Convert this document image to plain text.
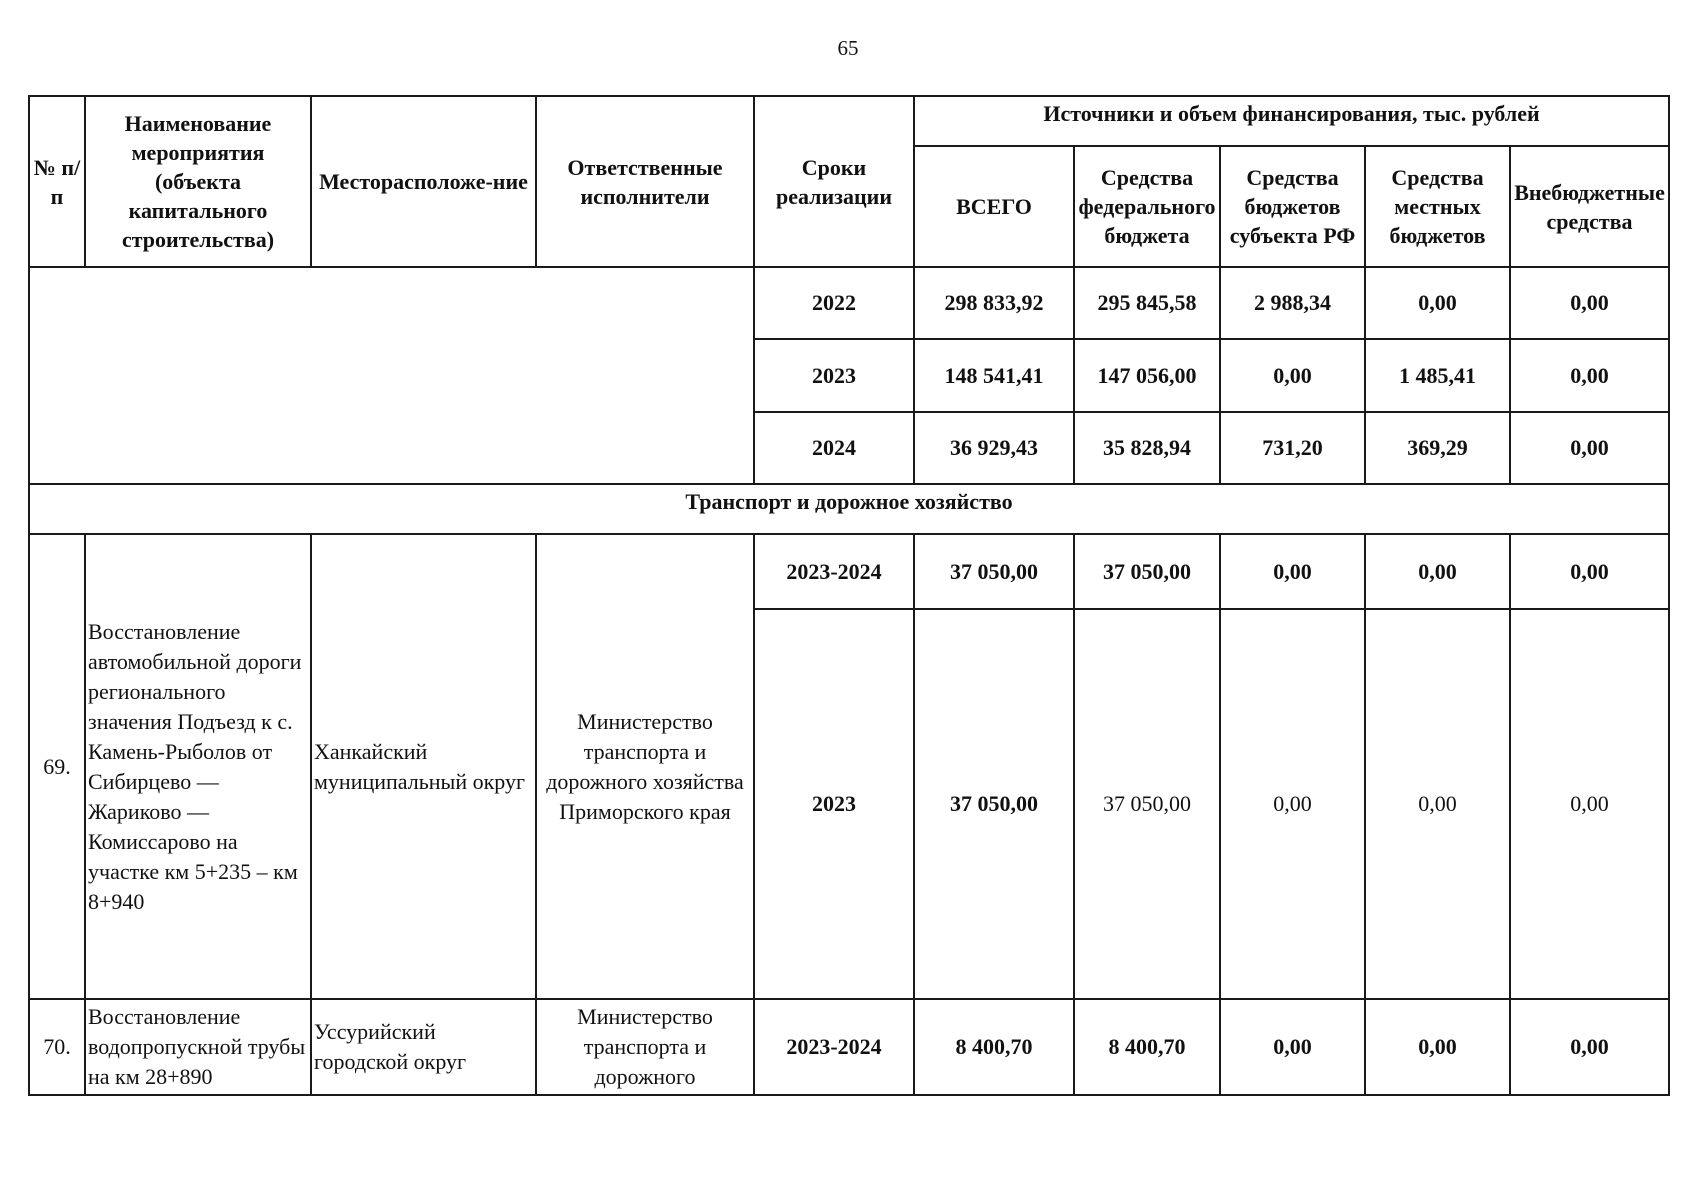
65
№ п/п	Наименование мероприятия (объекта капитального строительства)	Месторасположе-ние	Ответственные исполнители	Сроки реализации	Источники и объем финансирования, тыс. рублей				
					ВСЕГО	Средства федерального бюджета	Средства бюджетов субъекта РФ	Средства местных бюджетов	Внебюджетные средства
				2022	298 833,92	295 845,58	2 988,34	0,00	0,00
				2023	148 541,41	147 056,00	0,00	1 485,41	0,00
				2024	36 929,43	35 828,94	731,20	369,29	0,00
Транспорт и дорожное хозяйство									
69.	Восстановление автомобильной дороги регионального значения Подъезд к с. Камень-Рыболов от Сибирцево — Жариково — Комиссарово на участке км 5+235 – км 8+940	Ханкайский муниципальный округ	Министерство транспорта и дорожного хозяйства Приморского края	2023-2024	37 050,00	37 050,00	0,00	0,00	0,00
				2023	37 050,00	37 050,00	0,00	0,00	0,00
70.	Восстановление водопропускной трубы на км 28+890	Уссурийский городской округ	Министерство транспорта и дорожного	2023-2024	8 400,70	8 400,70	0,00	0,00	0,00
